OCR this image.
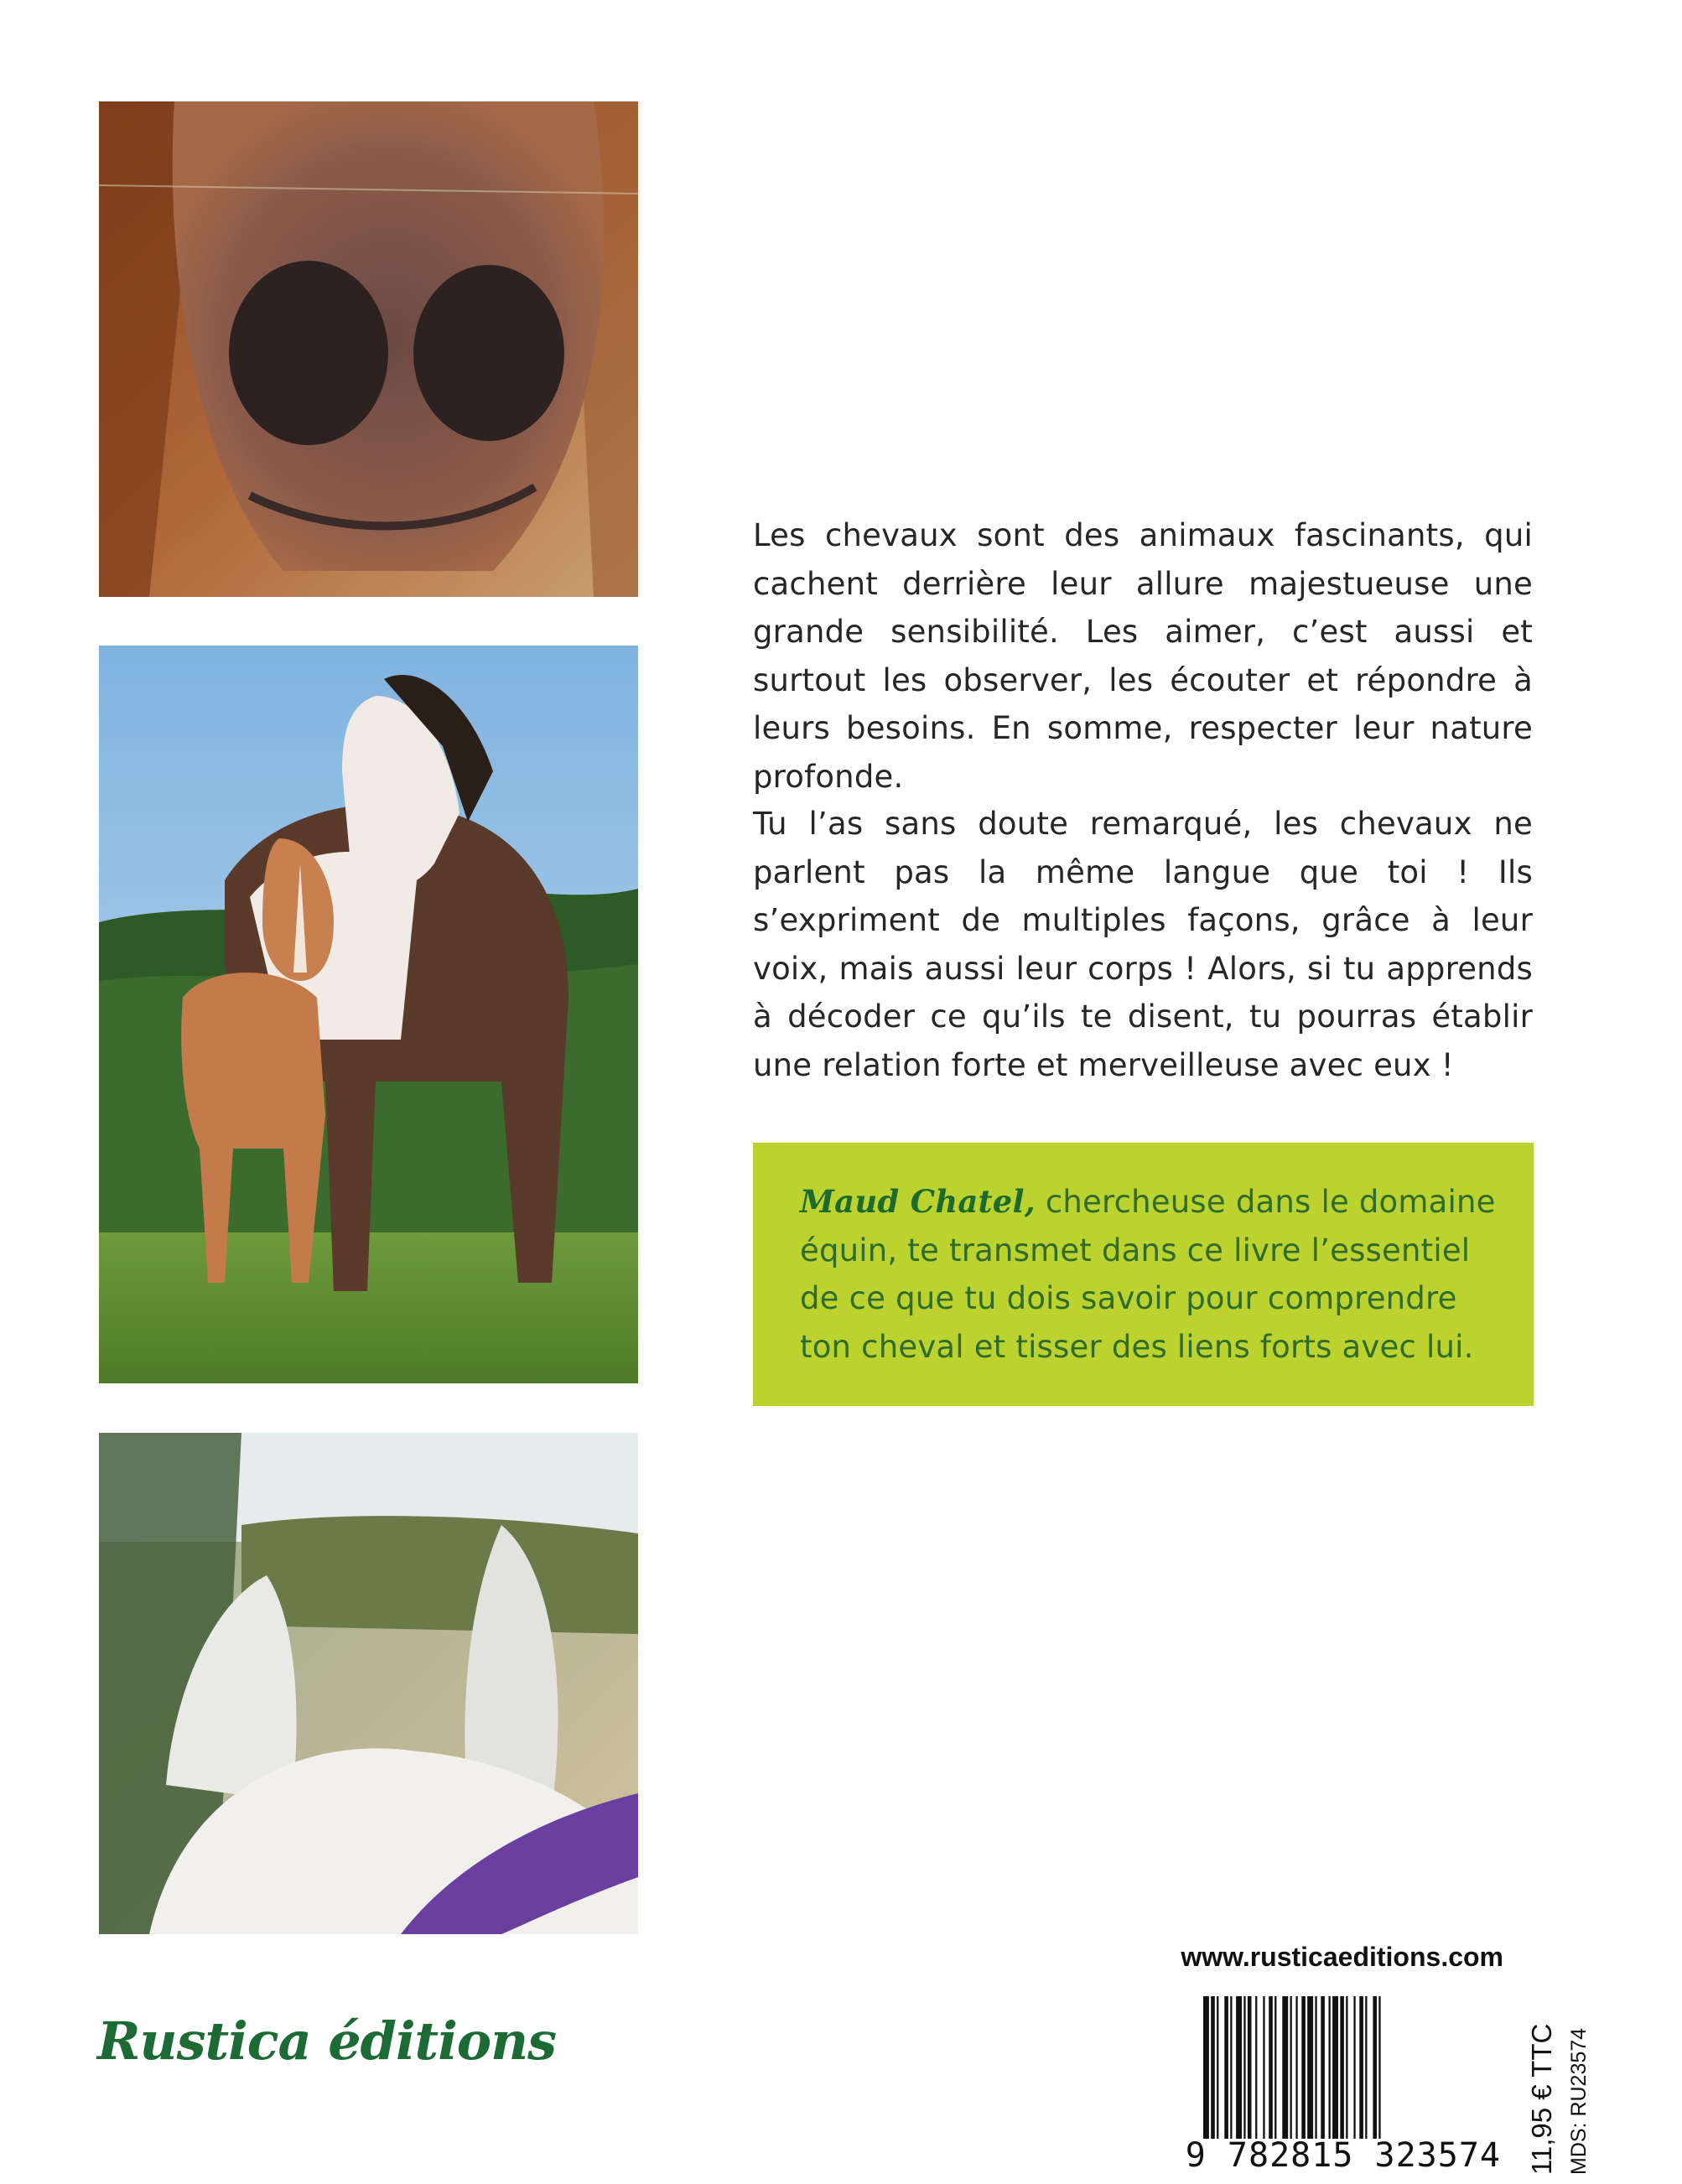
Les chevaux sont des animaux fascinants, qui cachent derrière leur allure majestueuse une grande sensibilité. Les aimer, c’est aussi et surtout les observer, les écouter et répondre à leurs besoins. En somme, respecter leur nature profonde.

Tu l’as sans doute remarqué, les chevaux ne parlent pas la même langue que toi ! Ils s’expriment de multiples façons, grâce à leur voix, mais aussi leur corps ! Alors, si tu apprends à décoder ce qu’ils te disent, tu pourras établir une relation forte et merveilleuse avec eux !

Maud Chatel, chercheuse dans le domaine équin, te transmet dans ce livre l’essentiel de ce que tu dois savoir pour comprendre ton cheval et tisser des liens forts avec lui.

Rustica éditions
www.rusticaeditions.com
9 782815 323574 11,95 € TTC MDS: RU23574
